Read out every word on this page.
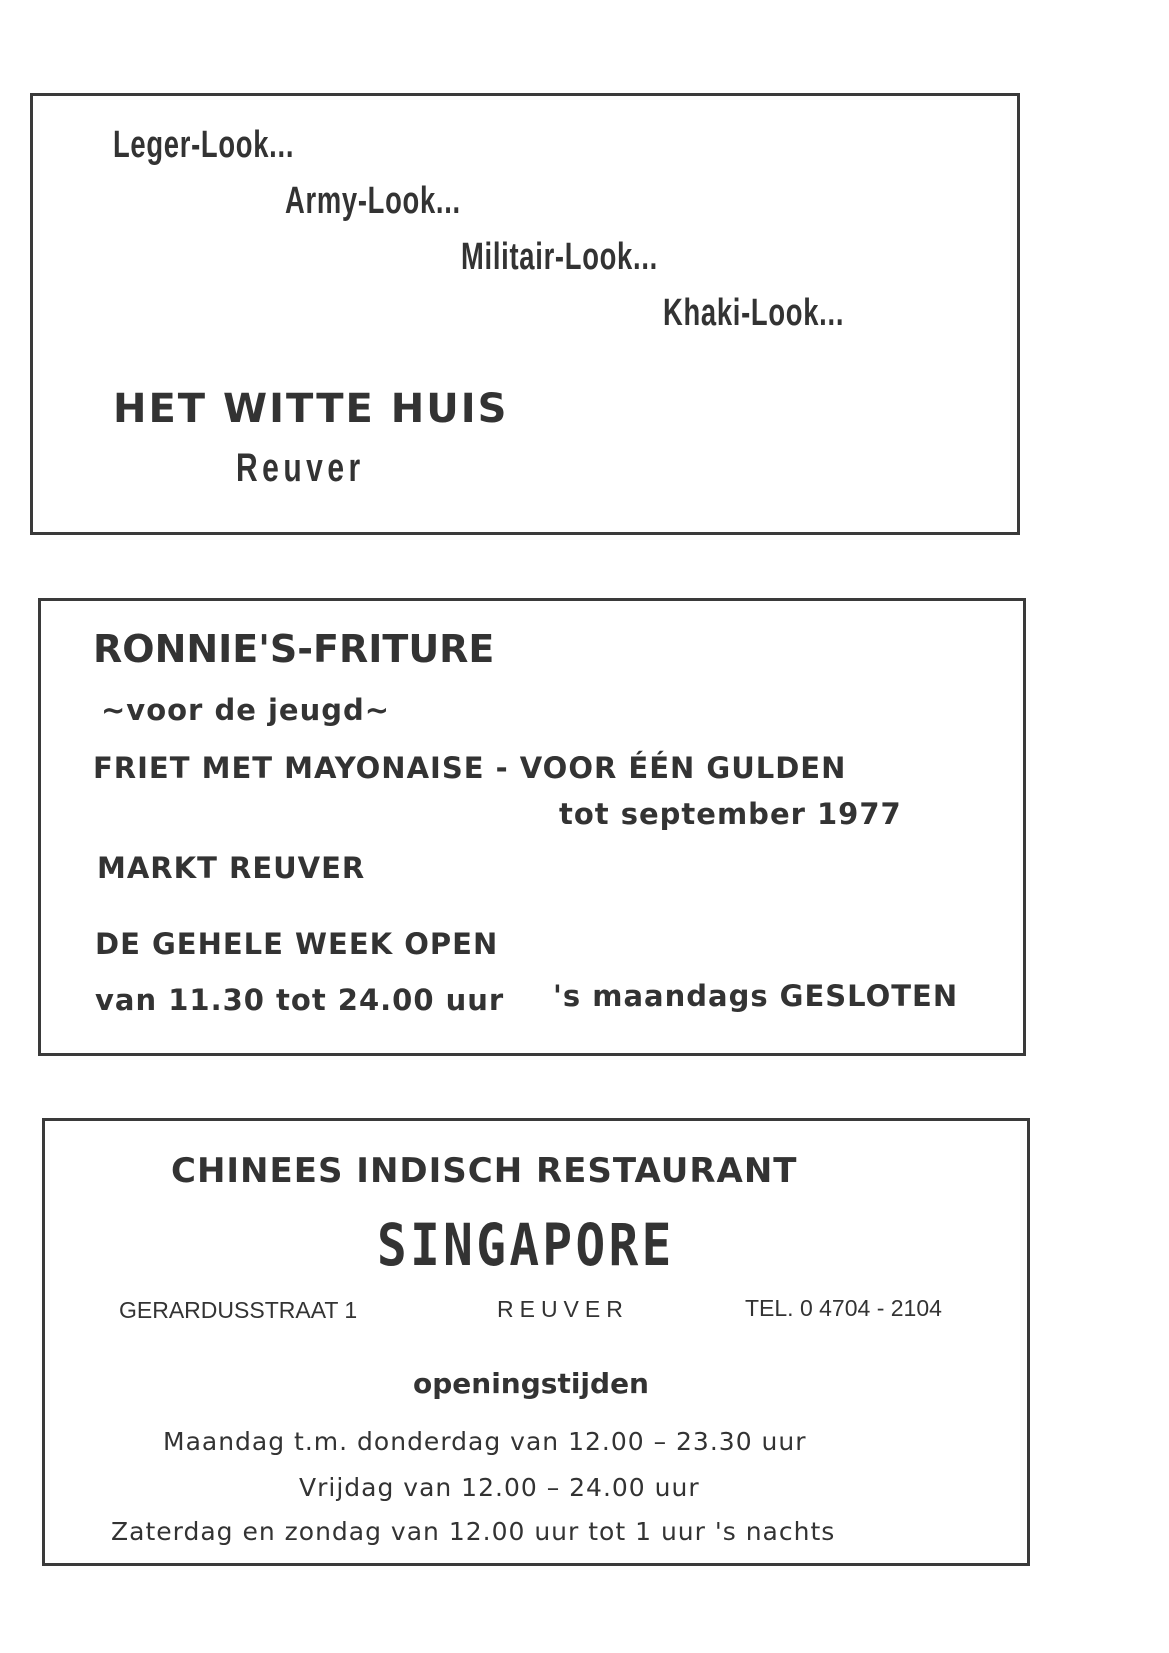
Leger-Look...
Army-Look...
Militair-Look...
Khaki-Look...
HET WITTE HUIS
Reuver
RONNIE'S-FRITURE
~voor de jeugd~
FRIET MET MAYONAISE - VOOR ÉÉN GULDEN
tot september 1977
MARKT REUVER
DE GEHELE WEEK OPEN
van 11.30 tot 24.00 uur 's maandags GESLOTEN
CHINEES INDISCH RESTAURANT
SINGAPORE
GERARDUSSTRAAT 1	REUVER	TEL. 0 4704 - 2104
openingstijden
Maandag t.m. donderdag van 12.00 – 23.30 uur
Vrijdag van 12.00 – 24.00 uur
Zaterdag en zondag van 12.00 uur tot 1 uur 's nachts
